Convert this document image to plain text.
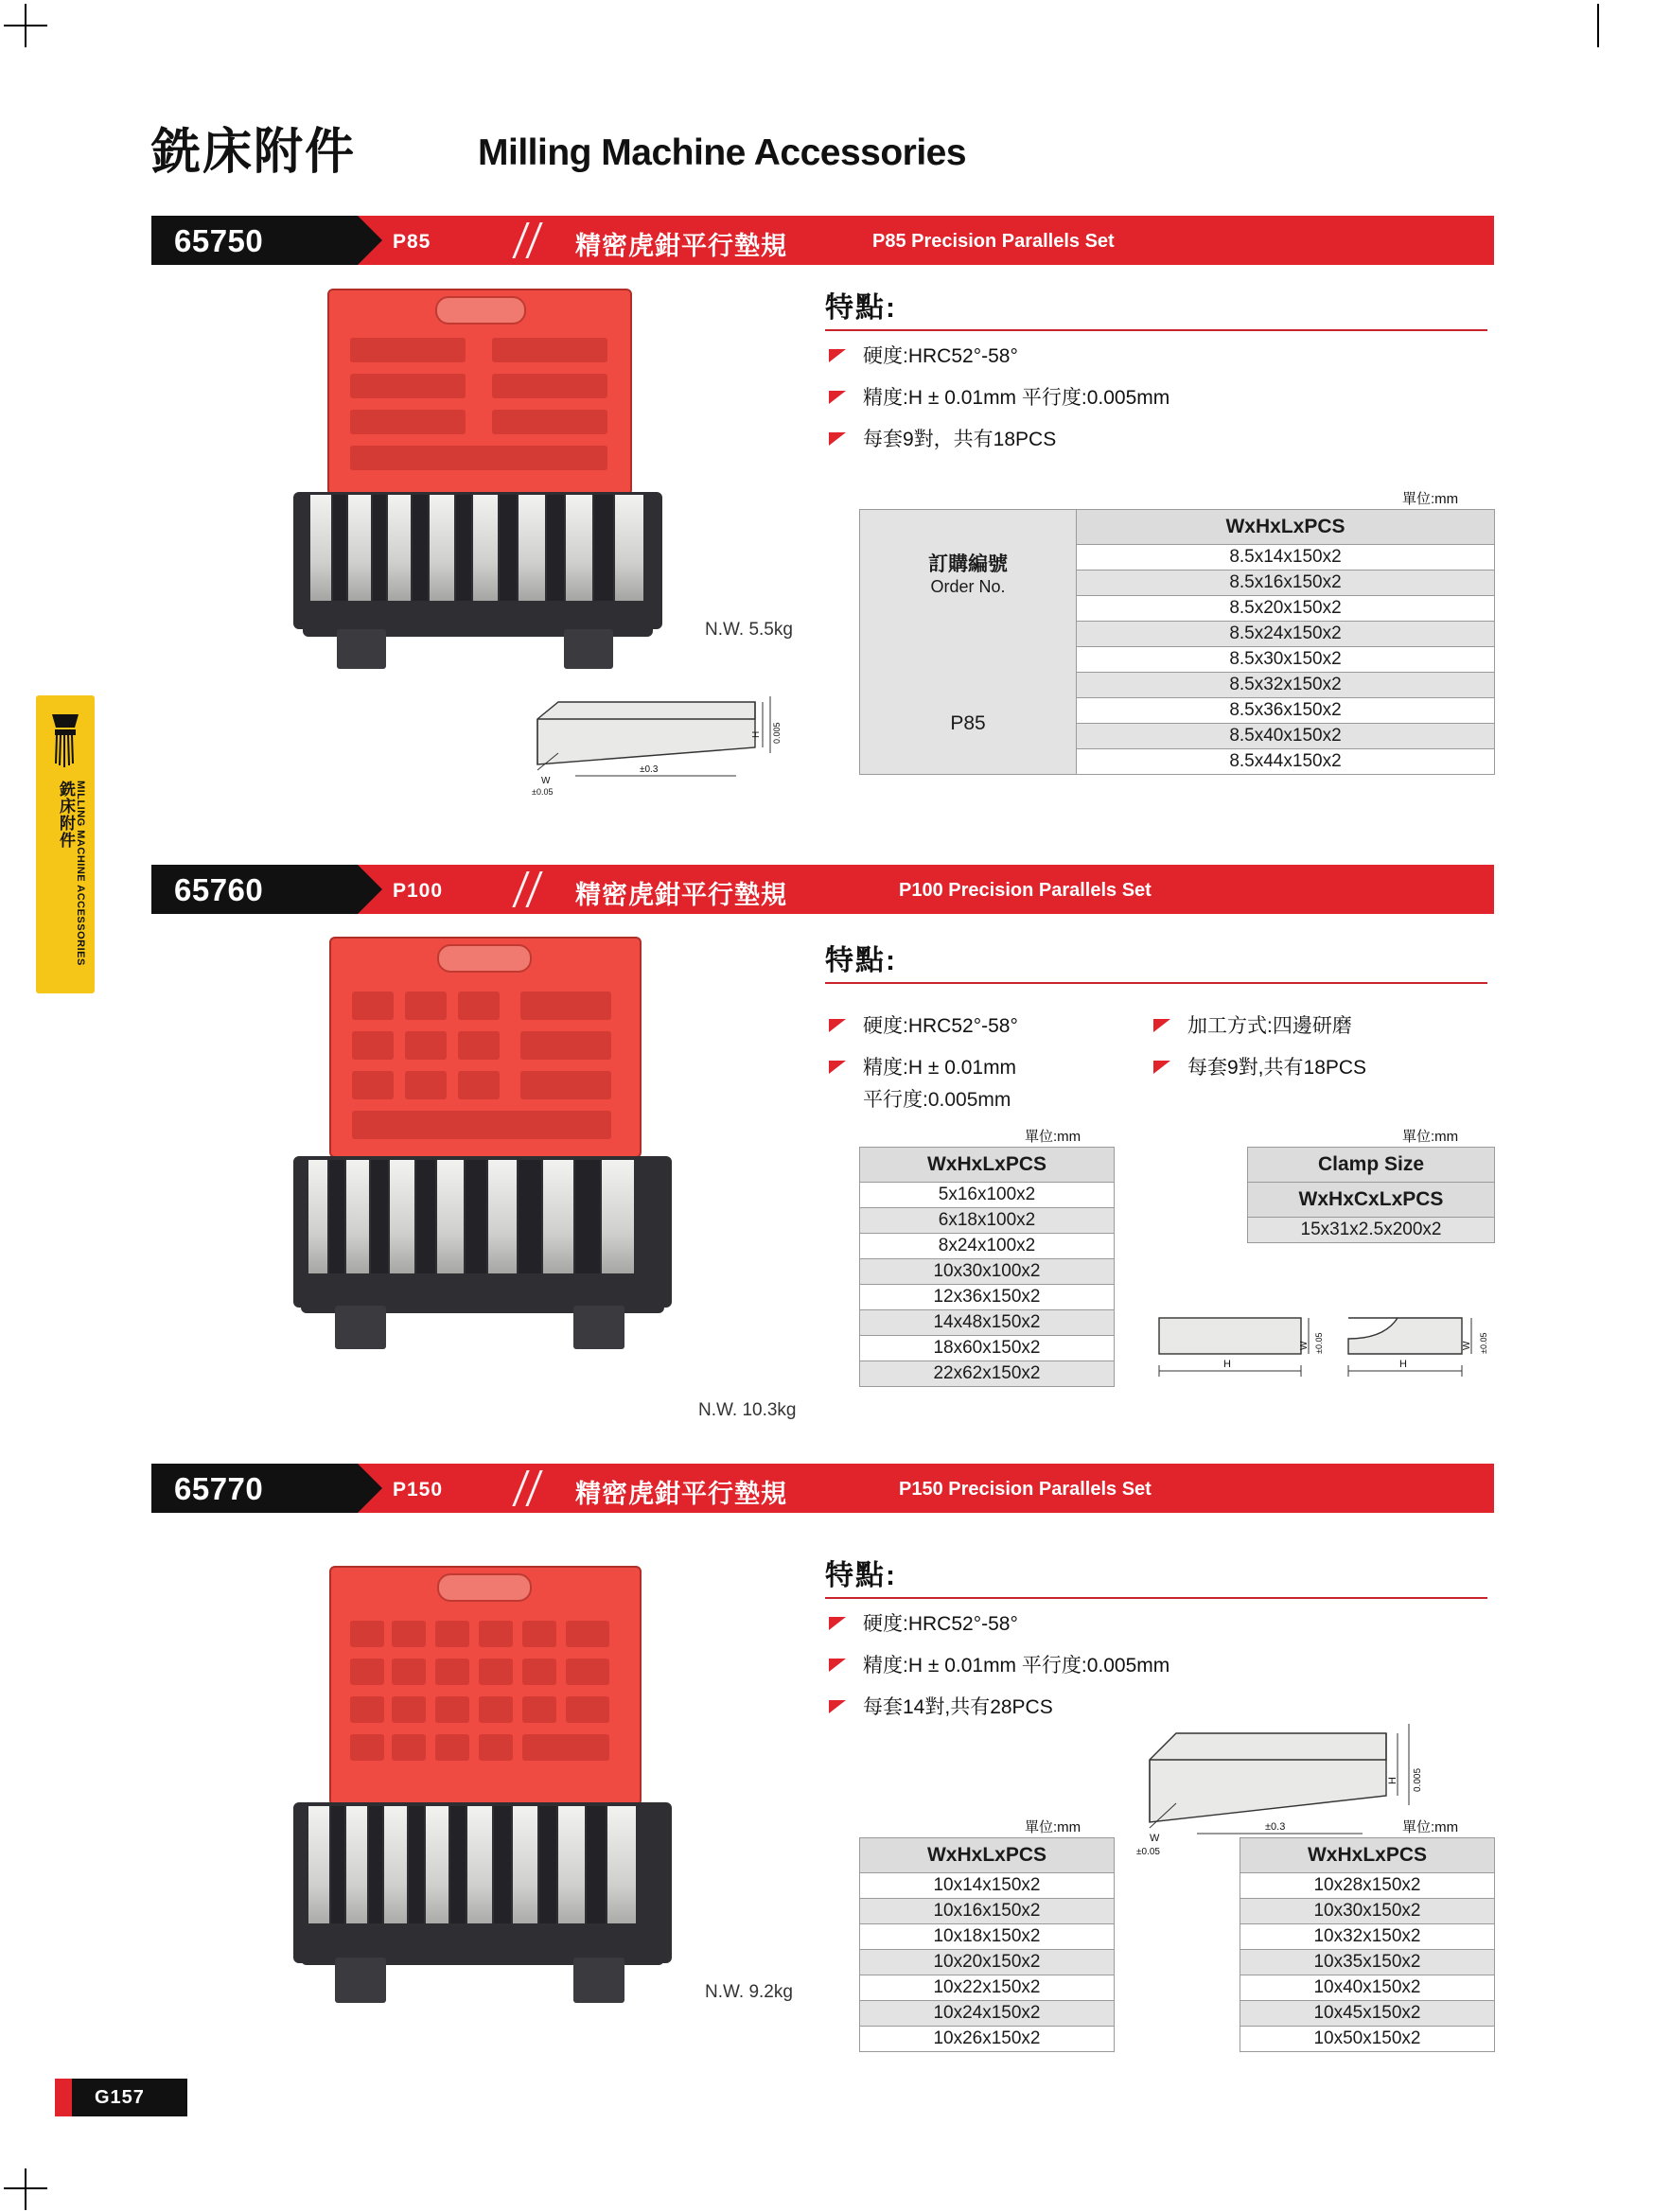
銑床附件 MILLING MACHINE ACCESSORIES
銑床附件	Milling Machine Accessories
65750	P85	精密虎鉗平行墊規	P85 Precision Parallels Set
N.W. 5.5kg
H 0.005
W
±0.05
±0.3
特點:
硬度:HRC52°-58°
精度:H ± 0.01mm 平行度:0.005mm
每套9對，共有18PCS
單位:mm
訂購編號
Order No.
P85
	WxHxLxPCS
8.5x14x150x2
8.5x16x150x2
8.5x20x150x2
8.5x24x150x2
8.5x30x150x2
8.5x32x150x2
8.5x36x150x2
8.5x40x150x2
8.5x44x150x2
65760	P100	精密虎鉗平行墊規	P100 Precision Parallels Set
N.W. 10.3kg
特點:
硬度:HRC52°-58°
精度:H ± 0.01mm
平行度:0.005mm
加工方式:四邊研磨
每套9對,共有18PCS
單位:mm
WxHxLxPCS
5x16x100x2
6x18x100x2
8x24x100x2
10x30x100x2
12x36x150x2
14x48x150x2
18x60x150x2
22x62x150x2
單位:mm
Clamp Size
WxHxCxLxPCS
15x31x2.5x200x2
W ±0.05
H
W ±0.05
H
65770	P150	精密虎鉗平行墊規	P150 Precision Parallels Set
N.W. 9.2kg
特點:
硬度:HRC52°-58°
精度:H ± 0.01mm 平行度:0.005mm
每套14對,共有28PCS
H 0.005
W
±0.05
±0.3
單位:mm
WxHxLxPCS
10x14x150x2
10x16x150x2
10x18x150x2
10x20x150x2
10x22x150x2
10x24x150x2
10x26x150x2
單位:mm
WxHxLxPCS
10x28x150x2
10x30x150x2
10x32x150x2
10x35x150x2
10x40x150x2
10x45x150x2
10x50x150x2
G157
